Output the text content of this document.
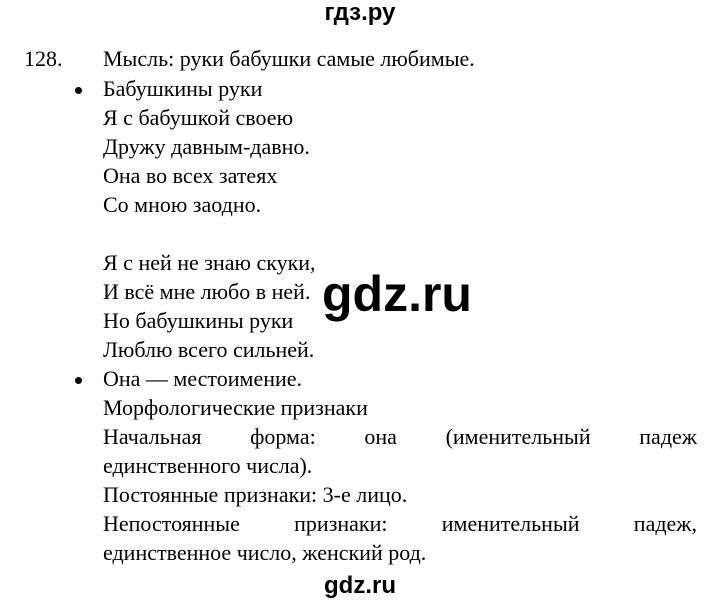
гдз.ру
128. Мысль: руки бабушки самые любимые.
Бабушкины руки
Я с бабушкой своею
Дружу давным-давно.
Она во всех затеях
Со мною заодно.
Я с ней не знаю скуки,
И всё мне любо в ней.
Но бабушкины руки
Люблю всего сильней.
Она — местоимение.
Морфологические признаки
Начальная форма: она (именительный падеж
единственного числа).
Постоянные признаки: 3-е лицо.
Непостоянные признаки: именительный падеж,
единственное число, женский род.
gdz.ru
gdz.ru
